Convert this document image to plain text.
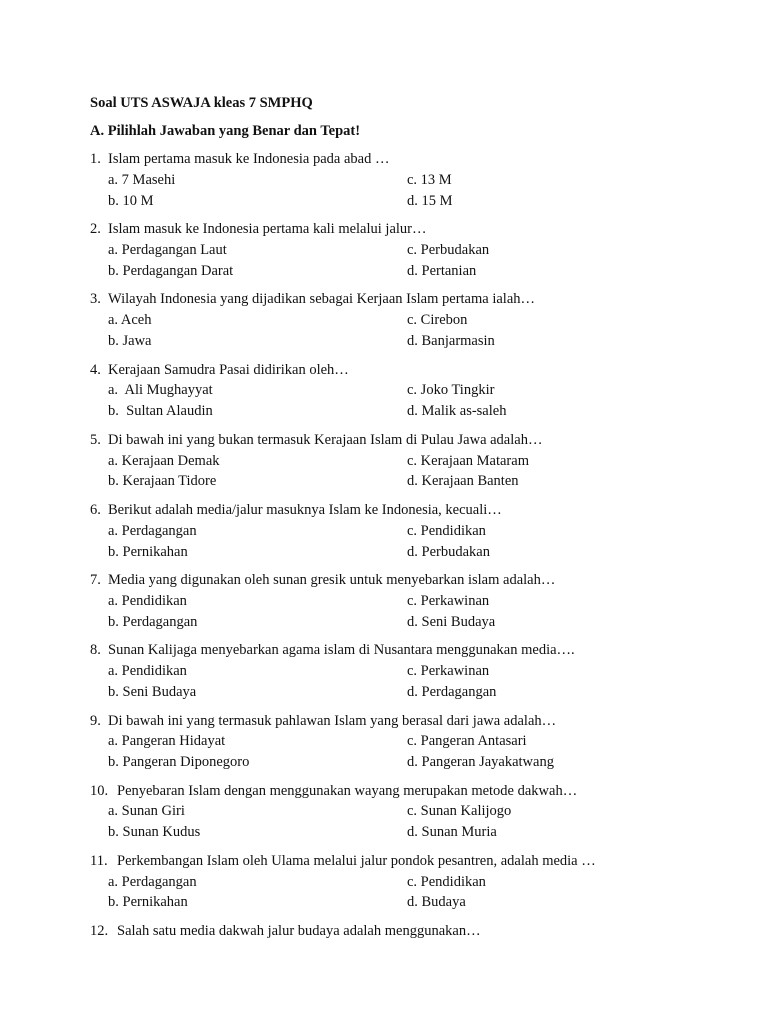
Soal UTS ASWAJA kleas 7 SMPHQ
A. Pilihlah Jawaban yang Benar dan Tepat!
1. Islam pertama masuk ke Indonesia pada abad …
a. 7 Masehi	c. 13 M
b. 10 M	d. 15 M
2. Islam masuk ke Indonesia pertama kali melalui jalur…
a. Perdagangan Laut	c. Perbudakan
b. Perdagangan Darat	d. Pertanian
3. Wilayah Indonesia yang dijadikan sebagai Kerjaan Islam pertama ialah…
a. Aceh	c. Cirebon
b. Jawa	d. Banjarmasin
4. Kerajaan Samudra Pasai didirikan oleh…
a.  Ali Mughayyat	c. Joko Tingkir
b.  Sultan Alaudin	d. Malik as-saleh
5. Di bawah ini yang bukan termasuk Kerajaan Islam di Pulau Jawa adalah…
a. Kerajaan Demak	c. Kerajaan Mataram
b. Kerajaan Tidore	d. Kerajaan Banten
6. Berikut adalah media/jalur masuknya Islam ke Indonesia, kecuali…
a. Perdagangan	c. Pendidikan
b. Pernikahan	d. Perbudakan
7. Media yang digunakan oleh sunan gresik untuk menyebarkan islam adalah…
a. Pendidikan	c. Perkawinan
b. Perdagangan	d. Seni Budaya
8. Sunan Kalijaga menyebarkan agama islam di Nusantara menggunakan media….
a. Pendidikan	c. Perkawinan
b. Seni Budaya	d. Perdagangan
9. Di bawah ini yang termasuk pahlawan Islam yang berasal dari jawa adalah…
a. Pangeran Hidayat	c. Pangeran Antasari
b. Pangeran Diponegoro	d. Pangeran Jayakatwang
10. Penyebaran Islam dengan menggunakan wayang merupakan metode dakwah…
a. Sunan Giri	c. Sunan Kalijogo
b. Sunan Kudus	d. Sunan Muria
11. Perkembangan Islam oleh Ulama melalui jalur pondok pesantren, adalah media …
a. Perdagangan	c. Pendidikan
b. Pernikahan	d. Budaya
12. Salah satu media dakwah jalur budaya adalah menggunakan…
